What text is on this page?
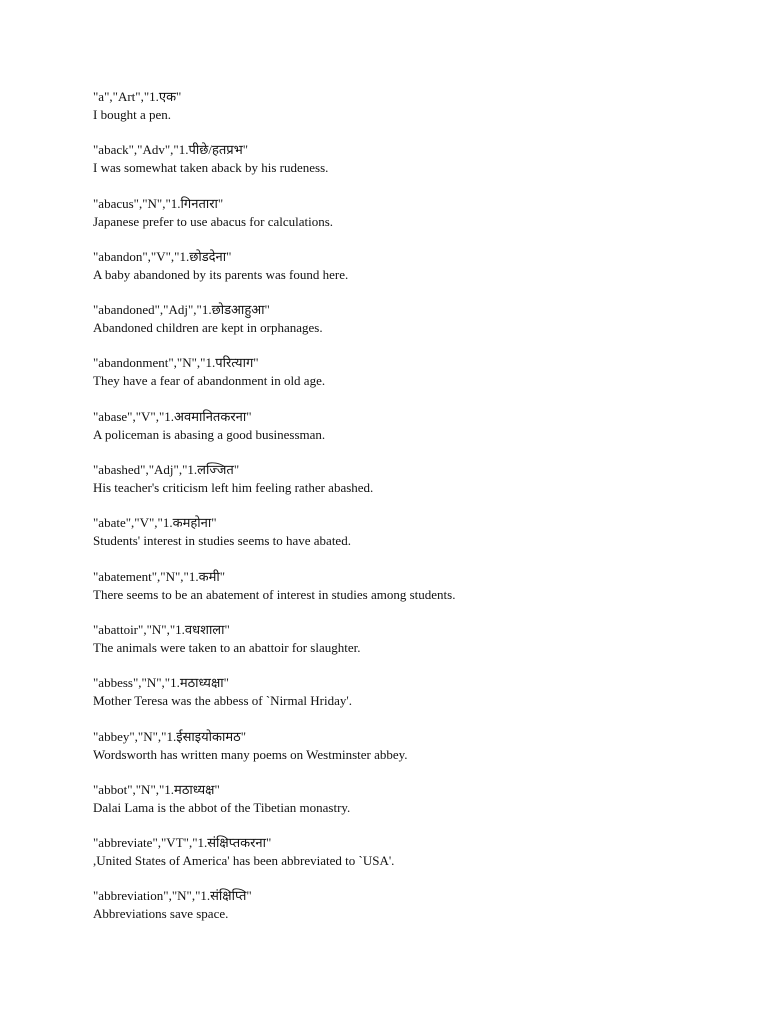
"a","Art","1.एक"
I bought a pen.
"aback","Adv","1.पीछे/हतप्रभ"
I was somewhat taken aback by his rudeness.
"abacus","N","1.गिनतारा"
Japanese prefer to use abacus for calculations.
"abandon","V","1.छोडदेना"
A baby abandoned by its parents was found here.
"abandoned","Adj","1.छोडआहुआ"
Abandoned children are kept in orphanages.
"abandonment","N","1.परित्याग"
They have a fear of abandonment in old age.
"abase","V","1.अवमानितकरना"
A policeman is abasing a good businessman.
"abashed","Adj","1.लज्जित"
His teacher's criticism left him feeling rather abashed.
"abate","V","1.कमहोना"
Students' interest in studies seems to have abated.
"abatement","N","1.कमी"
There seems to be an abatement of interest in studies among students.
"abattoir","N","1.वधशाला"
The animals were taken to an abattoir for slaughter.
"abbess","N","1.मठाध्यक्षा"
Mother Teresa was the abbess of `Nirmal Hriday'.
"abbey","N","1.ईसाइयोकामठ"
Wordsworth has written many poems on Westminster abbey.
"abbot","N","1.मठाध्यक्ष"
Dalai Lama is the abbot of the Tibetian monastry.
"abbreviate","VT","1.संक्षिप्तकरना"
,United States of America' has been abbreviated to `USA'.
"abbreviation","N","1.संक्षिप्ति"
Abbreviations save space.
